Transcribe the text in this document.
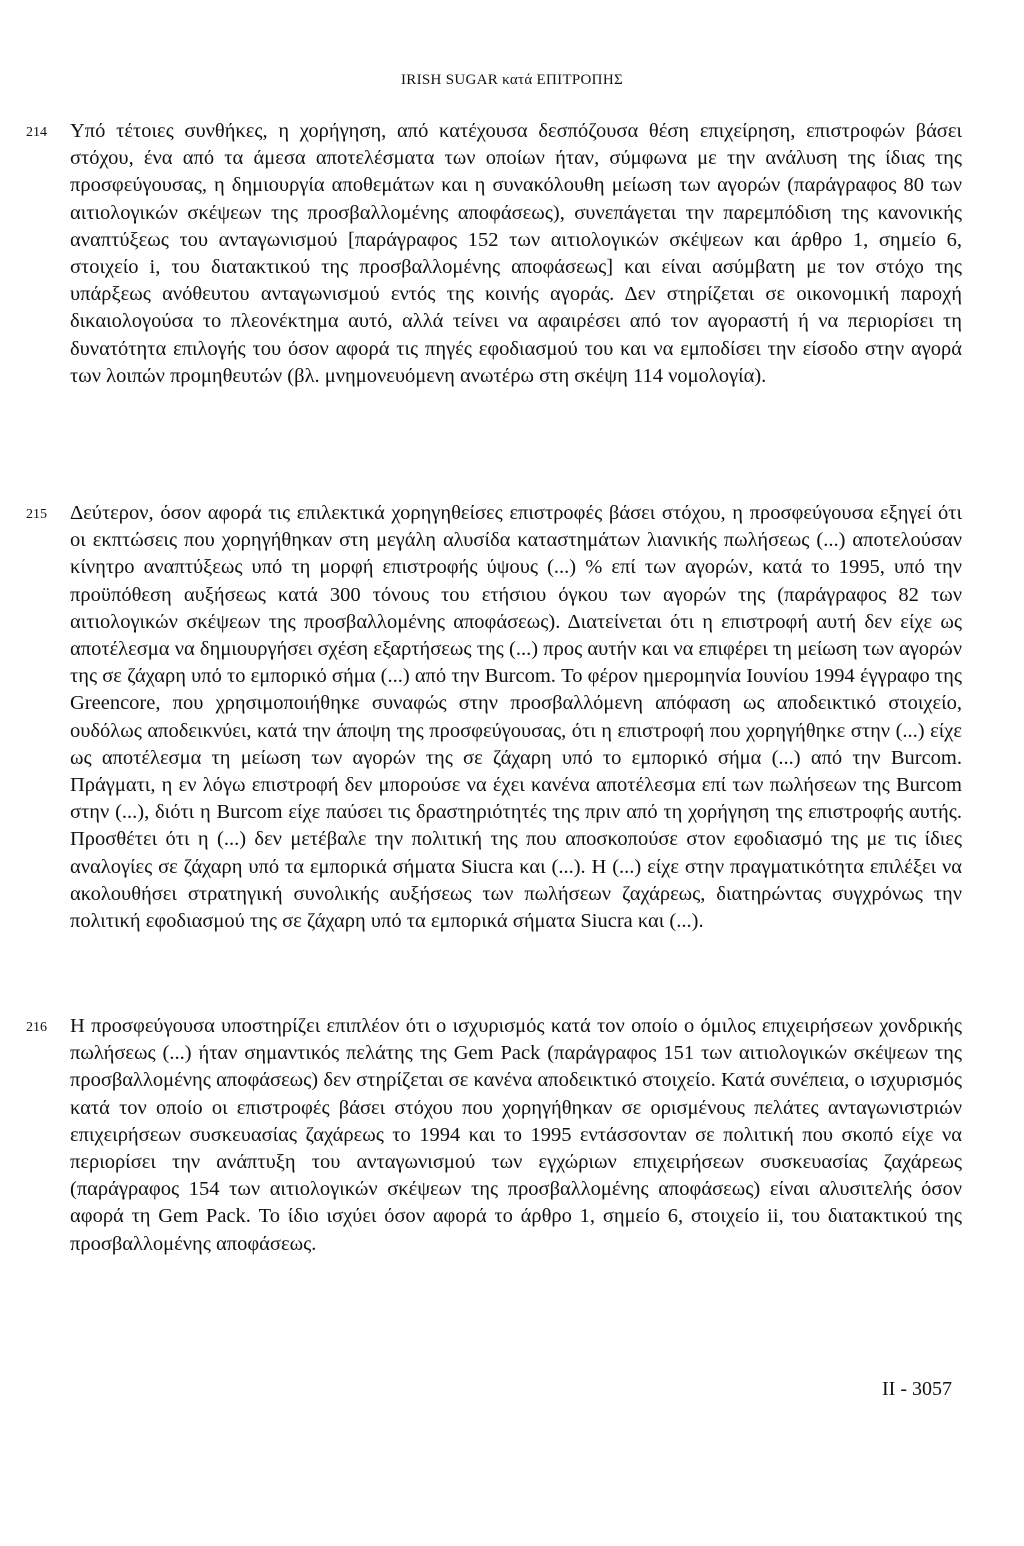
IRISH SUGAR κατά ΕΠΙΤΡΟΠΗΣ
214	Υπό τέτοιες συνθήκες, η χορήγηση, από κατέχουσα δεσπόζουσα θέση επιχείρηση, επιστροφών βάσει στόχου, ένα από τα άμεσα αποτελέσματα των οποίων ήταν, σύμφωνα με την ανάλυση της ίδιας της προσφεύγουσας, η δημιουργία αποθεμάτων και η συνακόλουθη μείωση των αγορών (παράγραφος 80 των αιτιολογικών σκέψεων της προσβαλλομένης αποφάσεως), συνεπάγεται την παρεμπόδιση της κανονικής αναπτύξεως του ανταγωνισμού [παράγραφος 152 των αιτιολογικών σκέψεων και άρθρο 1, σημείο 6, στοιχείο i, του διατακτικού της προσβαλλομένης αποφάσεως] και είναι ασύμβατη με τον στόχο της υπάρξεως ανόθευτου ανταγωνισμού εντός της κοινής αγοράς. Δεν στηρίζεται σε οικονομική παροχή δικαιολογούσα το πλεονέκτημα αυτό, αλλά τείνει να αφαιρέσει από τον αγοραστή ή να περιορίσει τη δυνατότητα επιλογής του όσον αφορά τις πηγές εφοδιασμού του και να εμποδίσει την είσοδο στην αγορά των λοιπών προμηθευτών (βλ. μνημονευόμενη ανωτέρω στη σκέψη 114 νομολογία).

215	Δεύτερον, όσον αφορά τις επιλεκτικά χορηγηθείσες επιστροφές βάσει στόχου, η προσφεύγουσα εξηγεί ότι οι εκπτώσεις που χορηγήθηκαν στη μεγάλη αλυσίδα καταστημάτων λιανικής πωλήσεως (...) αποτελούσαν κίνητρο αναπτύξεως υπό τη μορφή επιστροφής ύψους (...) % επί των αγορών, κατά το 1995, υπό την προϋπόθεση αυξήσεως κατά 300 τόνους του ετήσιου όγκου των αγορών της (παράγραφος 82 των αιτιολογικών σκέψεων της προσβαλλομένης αποφάσεως). Διατείνεται ότι η επιστροφή αυτή δεν είχε ως αποτέλεσμα να δημιουργήσει σχέση εξαρτήσεως της (...) προς αυτήν και να επιφέρει τη μείωση των αγορών της σε ζάχαρη υπό το εμπορικό σήμα (...) από την Burcom. Το φέρον ημερομηνία Ιουνίου 1994 έγγραφο της Greencore, που χρησιμοποιήθηκε συναφώς στην προσβαλλόμενη απόφαση ως αποδεικτικό στοιχείο, ουδόλως αποδεικνύει, κατά την άποψη της προσφεύγουσας, ότι η επιστροφή που χορηγήθηκε στην (...) είχε ως αποτέλεσμα τη μείωση των αγορών της σε ζάχαρη υπό το εμπορικό σήμα (...) από την Burcom. Πράγματι, η εν λόγω επιστροφή δεν μπορούσε να έχει κανένα αποτέλεσμα επί των πωλήσεων της Burcom στην (...), διότι η Burcom είχε παύσει τις δραστηριότητές της πριν από τη χορήγηση της επιστροφής αυτής. Προσθέτει ότι η (...) δεν μετέβαλε την πολιτική της που αποσκοπούσε στον εφοδιασμό της με τις ίδιες αναλογίες σε ζάχαρη υπό τα εμπορικά σήματα Siucra και (...). Η (...) είχε στην πραγματικότητα επιλέξει να ακολουθήσει στρατηγική συνολικής αυξήσεως των πωλήσεων ζαχάρεως, διατηρώντας συγχρόνως την πολιτική εφοδιασμού της σε ζάχαρη υπό τα εμπορικά σήματα Siucra και (...).

216	Η προσφεύγουσα υποστηρίζει επιπλέον ότι ο ισχυρισμός κατά τον οποίο ο όμιλος επιχειρήσεων χονδρικής πωλήσεως (...) ήταν σημαντικός πελάτης της Gem Pack (παράγραφος 151 των αιτιολογικών σκέψεων της προσβαλλομένης αποφάσεως) δεν στηρίζεται σε κανένα αποδεικτικό στοιχείο. Κατά συνέπεια, ο ισχυρισμός κατά τον οποίο οι επιστροφές βάσει στόχου που χορηγήθηκαν σε ορισμένους πελάτες ανταγωνιστριών επιχειρήσεων συσκευασίας ζαχάρεως το 1994 και το 1995 εντάσσονταν σε πολιτική που σκοπό είχε να περιορίσει την ανάπτυξη του ανταγωνισμού των εγχώριων επιχειρήσεων συσκευασίας ζαχάρεως (παράγραφος 154 των αιτιολογικών σκέψεων της προσβαλλομένης αποφάσεως) είναι αλυσιτελής όσον αφορά τη Gem Pack. Το ίδιο ισχύει όσον αφορά το άρθρο 1, σημείο 6, στοιχείο ii, του διατακτικού της προσβαλλομένης αποφάσεως.

II - 3057
